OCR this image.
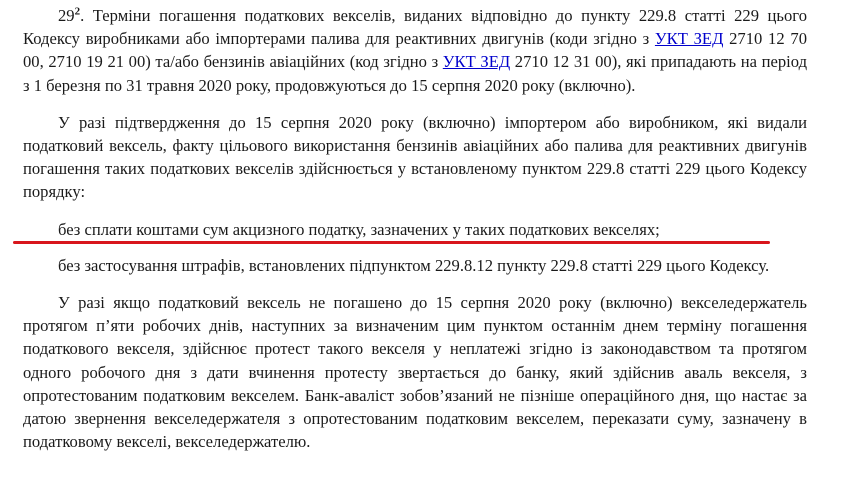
$29^2$. Терміни погашення податкових векселів, виданих відповідно до пункту 229.8 статті 229 цього Кодексу виробниками або імпортерами палива для реактивних двигунів (коди згідно з УКТ ЗЕД 2710 12 70 00, 2710 19 21 00) та/або бензинів авіаційних (код згідно з УКТ ЗЕД 2710 12 31 00), які припадають на період з 1 березня по 31 травня 2020 року, продовжуються до 15 серпня 2020 року (включно).

У разі підтвердження до 15 серпня 2020 року (включно) імпортером або виробником, які видали податковий вексель, факту цільового використання бензинів авіаційних або палива для реактивних двигунів погашення таких податкових векселів здійснюється у встановленому пунктом 229.8 статті 229 цього Кодексу порядку:

без сплати коштами сум акцизного податку, зазначених у таких податкових векселях;

без застосування штрафів, встановлених підпунктом 229.8.12 пункту 229.8 статті 229 цього Кодексу.

У разі якщо податковий вексель не погашено до 15 серпня 2020 року (включно) векселедержатель протягом п’яти робочих днів, наступних за визначеним цим пунктом останнім днем терміну погашення податкового векселя, здійснює протест такого векселя у неплатежі згідно із законодавством та протягом одного робочого дня з дати вчинення протесту звертається до банку, який здійснив аваль векселя, з опротестованим податковим векселем. Банк-аваліст зобов’язаний не пізніше операційного дня, що настає за датою звернення векселедержателя з опротестованим податковим векселем, переказати суму, зазначену в податковому векселі, векселедержателю.
